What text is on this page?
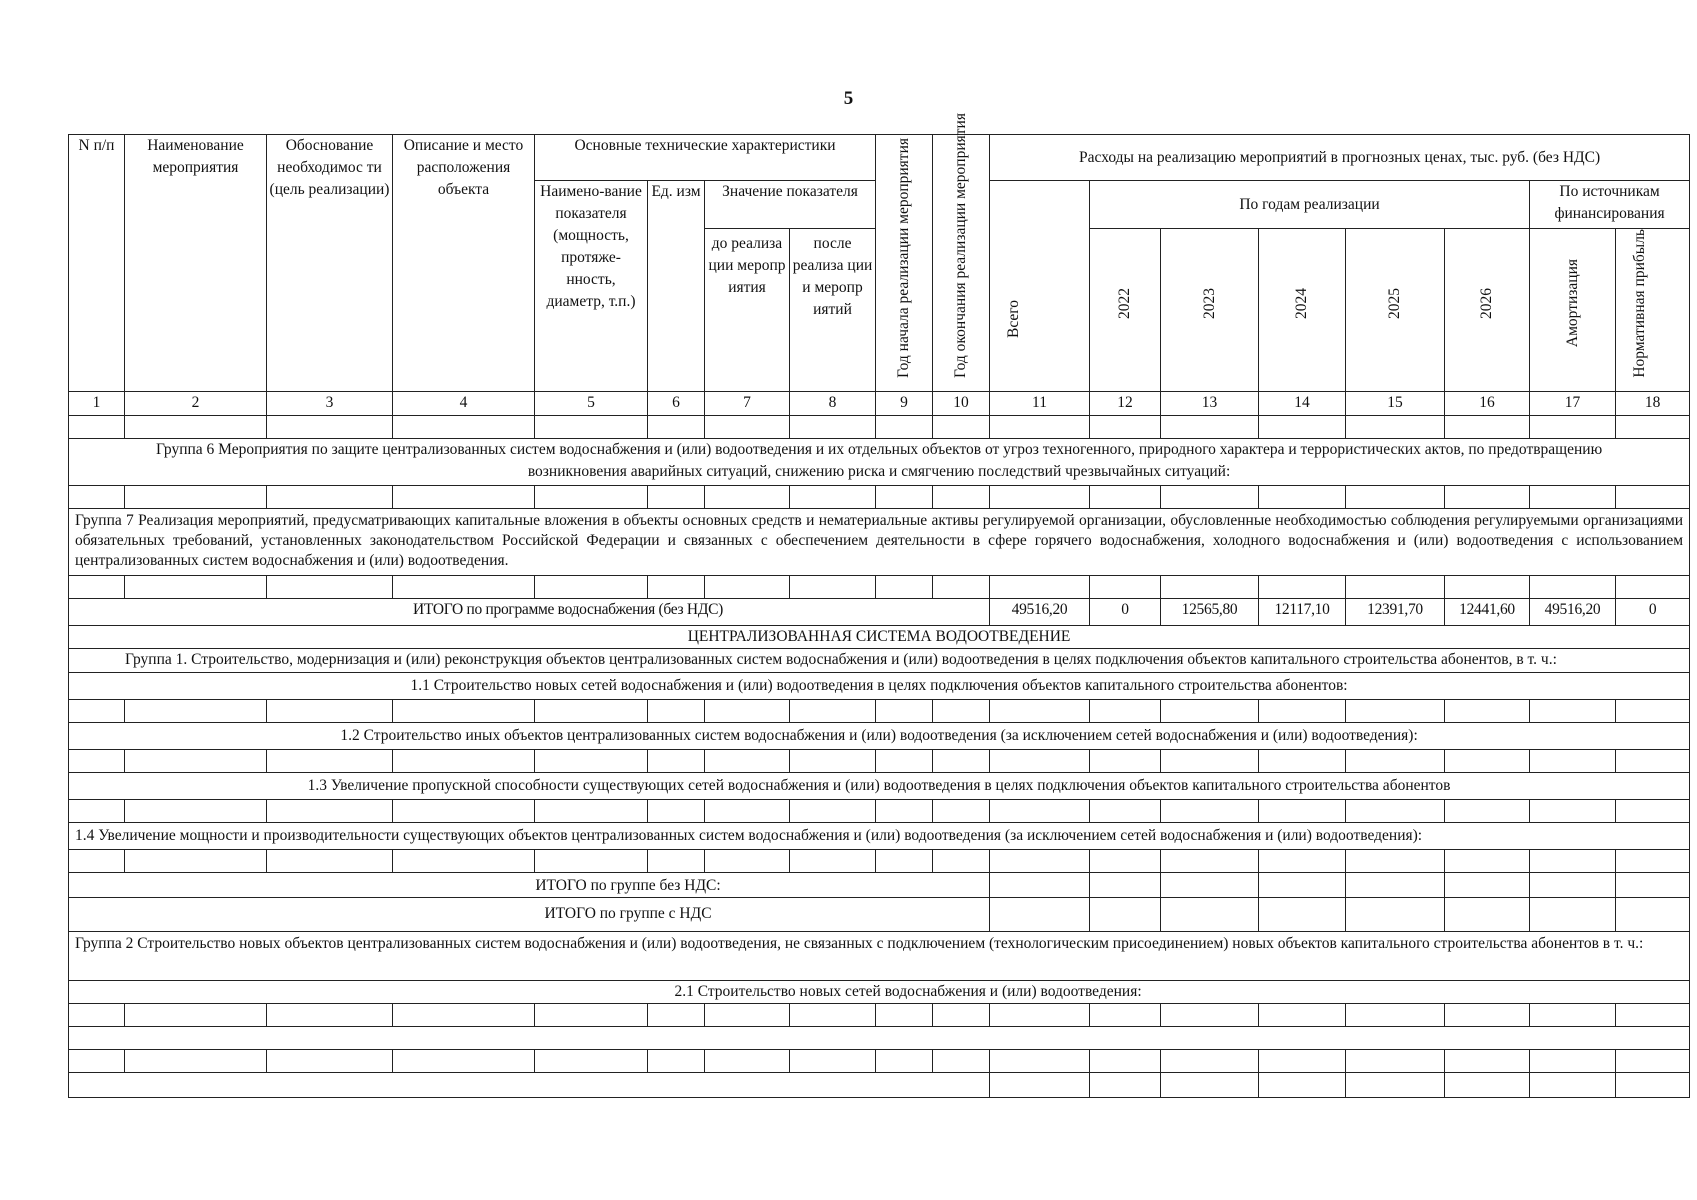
5
N п/п	Наименование мероприятия	Обоснование необходимос ти (цель реализации)	Описание и место расположения объекта	Основные технические характеристики				Год начала реализации мероприятия	Год окончания реализации мероприятия	Расходы на реализацию мероприятий в прогнозных ценах, тыс. руб. (без НДС)							
				Наимено-вание показателя (мощность, протяже-нность, диаметр, т.п.)	Ед. изм	Значение показателя				Всего	По годам реализации					По источникам финансирования	
						до реализа ции меропр иятия	после реализа ции и меропр иятий				2022	2023	2024	2025	2026	Амортизация	Нормативная прибыль

1	2	3	4	5	6	7	8	9	10	11	12	13	14	15	16	17	18

Группа 6 Мероприятия по защите централизованных систем водоснабжения и (или) водоотведения и их отдельных объектов от угроз техногенного, природного характера и террористических актов, по предотвращению возникновения аварийных ситуаций, снижению риска и смягчению последствий чрезвычайных ситуаций:																	

Группа 7 Реализация мероприятий, предусматривающих капитальные вложения в объекты основных средств и нематериальные активы регулируемой организации, обусловленные необходимостью соблюдения регулируемыми организациями обязательных требований, установленных законодательством Российской Федерации и связанных с обеспечением деятельности в сфере горячего водоснабжения, холодного водоснабжения и (или) водоотведения с использованием централизованных систем водоснабжения и (или) водоотведения.																	

ИТОГО по программе водоснабжения (без НДС)										49516,20	0	12565,80	12117,10	12391,70	12441,60	49516,20	0
ЦЕНТРАЛИЗОВАННАЯ СИСТЕМА ВОДООТВЕДЕНИЕ																	
Группа 1. Строительство, модернизация и (или) реконструкция объектов централизованных систем водоснабжения и (или) водоотведения в целях подключения объектов капитального строительства абонентов, в т. ч.:																	
1.1 Строительство новых сетей водоснабжения и (или) водоотведения в целях подключения объектов капитального строительства абонентов:																	

1.2 Строительство иных объектов централизованных систем водоснабжения и (или) водоотведения (за исключением сетей водоснабжения и (или) водоотведения):																	

1.3 Увеличение пропускной способности существующих сетей водоснабжения и (или) водоотведения в целях подключения объектов капитального строительства абонентов																	

1.4 Увеличение мощности и производительности существующих объектов централизованных систем водоснабжения и (или) водоотведения (за исключением сетей водоснабжения и (или) водоотведения):																	

ИТОГО по группе без НДС:																	
ИТОГО по группе с НДС																	
Группа 2 Строительство новых объектов централизованных систем водоснабжения и (или) водоотведения, не связанных с подключением (технологическим присоединением) новых объектов капитального строительства абонентов в т. ч.:																	
2.1 Строительство новых сетей водоснабжения и (или) водоотведения:																	
